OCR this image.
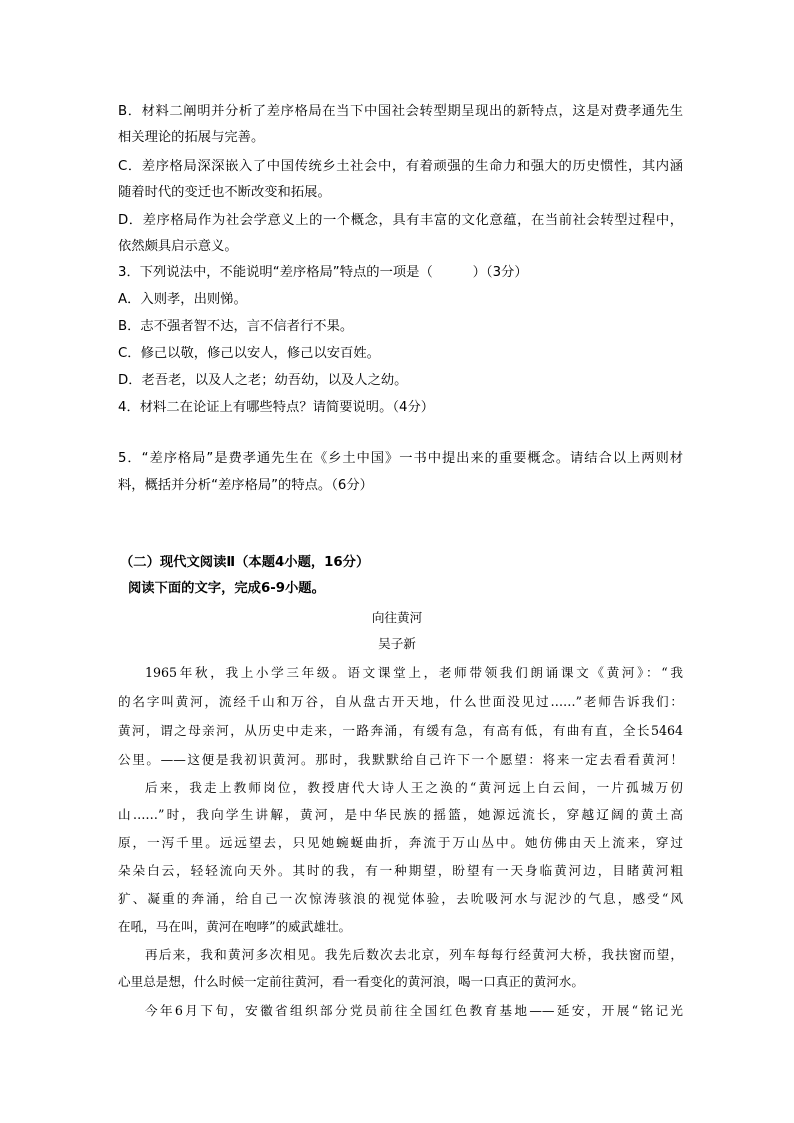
B．材料二阐明并分析了差序格局在当下中国社会转型期呈现出的新特点，这是对费孝通先生
相关理论的拓展与完善。
C．差序格局深深嵌入了中国传统乡土社会中，有着顽强的生命力和强大的历史惯性，其内涵
随着时代的变迁也不断改变和拓展。
D．差序格局作为社会学意义上的一个概念，具有丰富的文化意蕴，在当前社会转型过程中，
依然颇具启示意义。
3．下列说法中，不能说明“差序格局”特点的一项是（　　　）（3分）
A．入则孝，出则悌。
B．志不强者智不达，言不信者行不果。
C．修己以敬，修己以安人，修己以安百姓。
D．老吾老，以及人之老；幼吾幼，以及人之幼。
4．材料二在论证上有哪些特点？请简要说明。（4分）
5．“差序格局”是费孝通先生在《乡土中国》一书中提出来的重要概念。请结合以上两则材
料，概括并分析“差序格局”的特点。（6分）
（二）现代文阅读Ⅱ（本题4小题，16分）
阅读下面的文字，完成6-9小题。
向往黄河
吴子新
1965年秋，我上小学三年级。语文课堂上，老师带领我们朗诵课文《黄河》：“我
的名字叫黄河，流经千山和万谷，自从盘古开天地，什么世面没见过……”老师告诉我们：
黄河，谓之母亲河，从历史中走来，一路奔涌，有缓有急，有高有低，有曲有直，全长5464
公里。——这便是我初识黄河。那时，我默默给自己许下一个愿望：将来一定去看看黄河！
后来，我走上教师岗位，教授唐代大诗人王之涣的“黄河远上白云间，一片孤城万仞
山……”时，我向学生讲解，黄河，是中华民族的摇篮，她源远流长，穿越辽阔的黄土高
原，一泻千里。远远望去，只见她蜿蜒曲折，奔流于万山丛中。她仿佛由天上流来，穿过
朵朵白云，轻轻流向天外。其时的我，有一种期望，盼望有一天身临黄河边，目睹黄河粗
犷、凝重的奔涌，给自己一次惊涛骇浪的视觉体验，去吮吸河水与泥沙的气息，感受“风
在吼，马在叫，黄河在咆哮”的威武雄壮。
再后来，我和黄河多次相见。我先后数次去北京，列车每每行经黄河大桥，我扶窗而望，
心里总是想，什么时候一定前往黄河，看一看变化的黄河浪，喝一口真正的黄河水。
今年6月下旬，安徽省组织部分党员前往全国红色教育基地——延安，开展“铭记光
